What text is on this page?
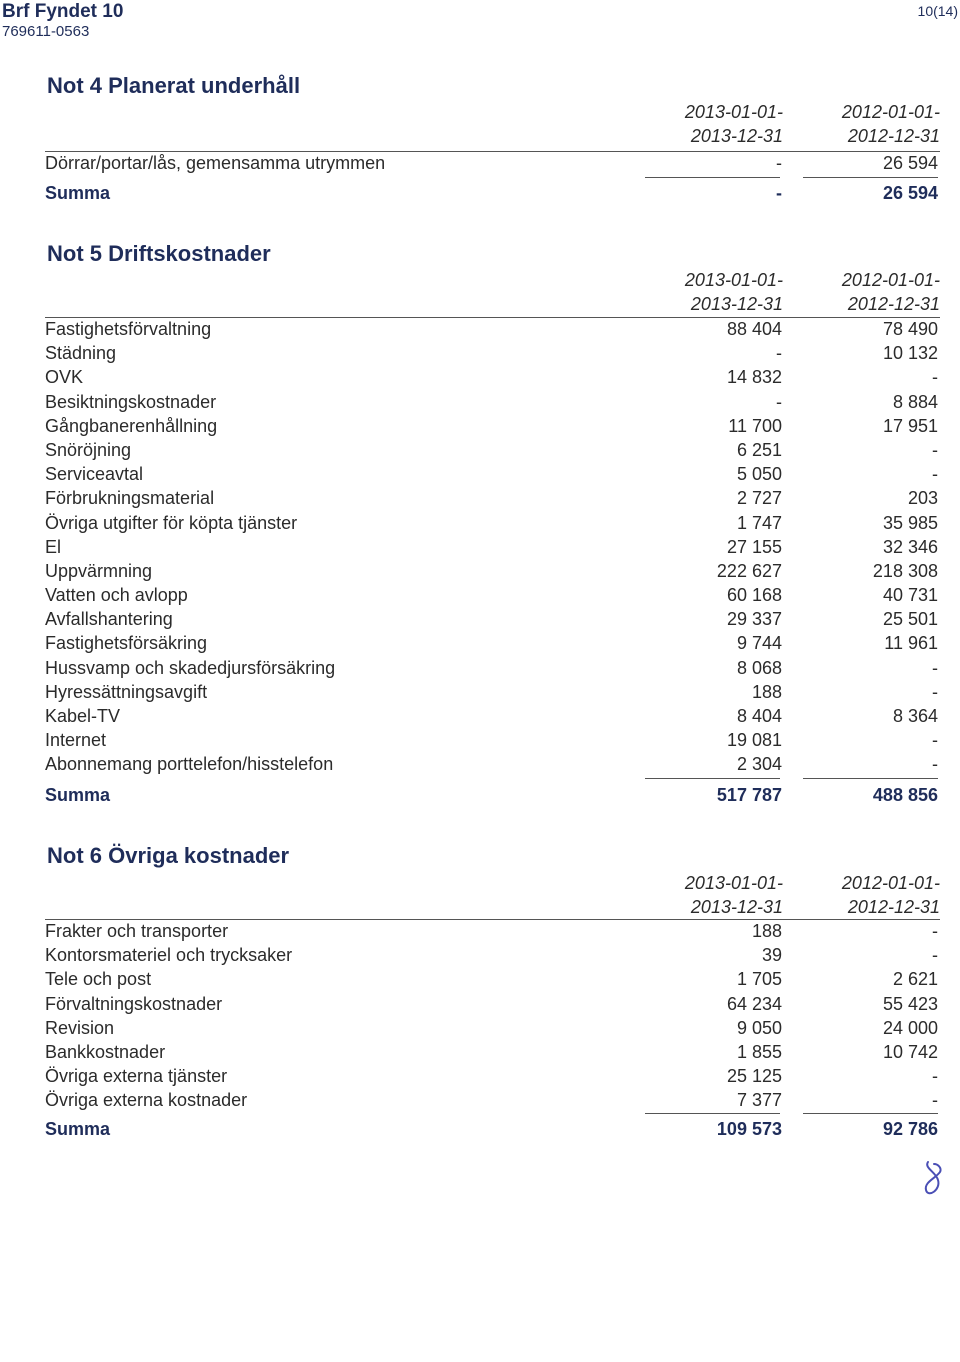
Brf Fyndet 10
769611-0563
10(14)
Not 4 Planerat underhåll
2013-01-01-
2013-12-31
2012-01-01-
2012-12-31
Dörrar/portar/lås, gemensamma utrymmen	-	26 594
Summa	-	26 594
Not 5 Driftskostnader
2013-01-01-
2013-12-31
2012-01-01-
2012-12-31
Fastighetsförvaltning	88 404	78 490
Städning	-	10 132
OVK	14 832	-
Besiktningskostnader	-	8 884
Gångbanerenhållning	11 700	17 951
Snöröjning	6 251	-
Serviceavtal	5 050	-
Förbrukningsmaterial	2 727	203
Övriga utgifter för köpta tjänster	1 747	35 985
El	27 155	32 346
Uppvärmning	222 627	218 308
Vatten och avlopp	60 168	40 731
Avfallshantering	29 337	25 501
Fastighetsförsäkring	9 744	11 961
Hussvamp och skadedjursförsäkring	8 068	-
Hyressättningsavgift	188	-
Kabel-TV	8 404	8 364
Internet	19 081	-
Abonnemang porttelefon/hisstelefon	2 304	-
Summa	517 787	488 856
Not 6 Övriga kostnader
2013-01-01-
2013-12-31
2012-01-01-
2012-12-31
Frakter och transporter	188	-
Kontorsmateriel och trycksaker	39	-
Tele och post	1 705	2 621
Förvaltningskostnader	64 234	55 423
Revision	9 050	24 000
Bankkostnader	1 855	10 742
Övriga externa tjänster	25 125	-
Övriga externa kostnader	7 377	-
Summa	109 573	92 786
